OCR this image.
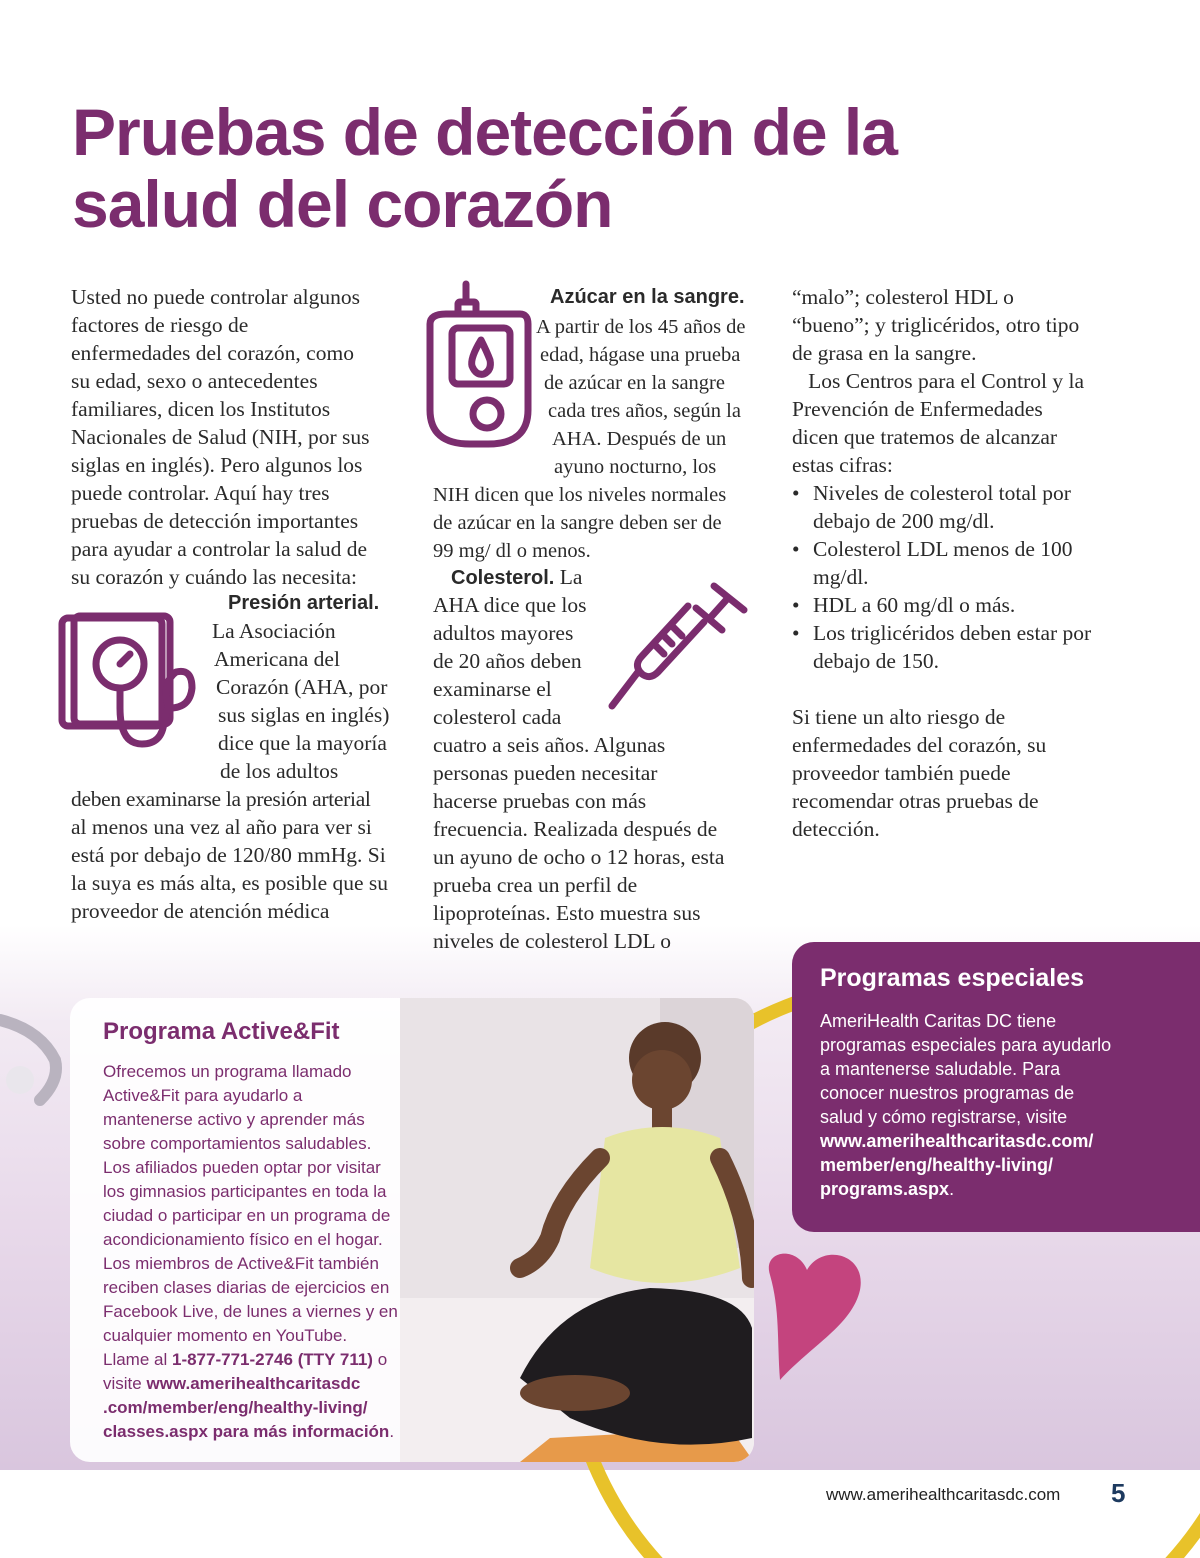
Pruebas de detección de la
salud del corazón
Usted no puede controlar algunos
factores de riesgo de
enfermedades del corazón, como
su edad, sexo o antecedentes
familiares, dicen los Institutos
Nacionales de Salud (NIH, por sus
siglas en inglés). Pero algunos los
puede controlar. Aquí hay tres
pruebas de detección importantes
para ayudar a controlar la salud de
su corazón y cuándo las necesita:
Presión arterial.
La Asociación
Americana del
Corazón (AHA, por
sus siglas en inglés)
dice que la mayoría
de los adultos
deben examinarse la presión arterial
al menos una vez al año para ver si
está por debajo de 120/80 mmHg. Si
la suya es más alta, es posible que su
proveedor de atención médica
Azúcar en la sangre.
A partir de los 45 años de
edad, hágase una prueba
de azúcar en la sangre
cada tres años, según la
AHA. Después de un
ayuno nocturno, los
NIH dicen que los niveles normales
de azúcar en la sangre deben ser de
99 mg/ dl o menos.
Colesterol. La
AHA dice que los
adultos mayores
de 20 años deben
examinarse el
colesterol cada
cuatro a seis años. Algunas
personas pueden necesitar
hacerse pruebas con más
frecuencia. Realizada después de
un ayuno de ocho o 12 horas, esta
prueba crea un perfil de
lipoproteínas. Esto muestra sus
niveles de colesterol LDL o
“malo”; colesterol HDL o
“bueno”; y triglicéridos, otro tipo
de grasa en la sangre.
Los Centros para el Control y la
Prevención de Enfermedades
dicen que tratemos de alcanzar
estas cifras:
• Niveles de colesterol total por
debajo de 200 mg/dl.
• Colesterol LDL menos de 100
mg/dl.
• HDL a 60 mg/dl o más.
• Los triglicéridos deben estar por
debajo de 150.
Si tiene un alto riesgo de
enfermedades del corazón, su
proveedor también puede
recomendar otras pruebas de
detección.
Programa Active&Fit
Ofrecemos un programa llamado
Active&Fit para ayudarlo a
mantenerse activo y aprender más
sobre comportamientos saludables.
Los afiliados pueden optar por visitar
los gimnasios participantes en toda la
ciudad o participar en un programa de
acondicionamiento físico en el hogar.
Los miembros de Active&Fit también
reciben clases diarias de ejercicios en
Facebook Live, de lunes a viernes y en
cualquier momento en YouTube.
Llame al 1-877-771-2746 (TTY 711) o
visite www.amerihealthcaritasdc
.com/member/eng/healthy-living/
classes.aspx para más información.
Programas especiales
AmeriHealth Caritas DC tiene
programas especiales para ayudarlo
a mantenerse saludable. Para
conocer nuestros programas de
salud y cómo registrarse, visite
www.amerihealthcaritasdc.com/
member/eng/healthy-living/
programs.aspx.
www.amerihealthcaritasdc.com 5
